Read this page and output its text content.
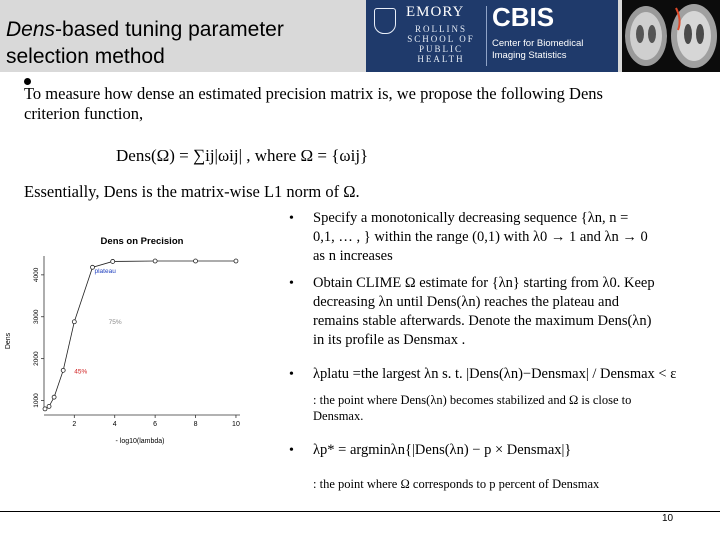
Dens-based tuning parameter
selection method
EMORY
ROLLINS SCHOOL OF PUBLIC HEALTH
CBIS
Center for Biomedical
Imaging Statistics
To measure how dense an estimated precision matrix is, we propose the following Dens
criterion function,
Dens(Ω) = ∑ij|ωij| , where Ω = {ωij}
Essentially, Dens is the matrix-wise L1 norm of Ω.
• Specify a monotonically decreasing sequence {λn, n =
0,1, … , } within the range (0,1) with λ0 → 1 and λn → 0
as n increases
• Obtain CLIME Ω estimate for {λn} starting from λ0. Keep
decreasing λn until Dens(λn) reaches the plateau and
remains stable afterwards. Denote the maximum Dens(λn)
in its profile as Densmax .
• λplatu =the largest λn s. t. |Dens(λn)−Densmax| / Densmax < ε
: the point where Dens(λn) becomes stabilized and Ω is close to
Densmax.
• λp* = argminλn{|Dens(λn) − p × Densmax|}
: the point where Ω corresponds to p percent of Densmax
Dens on Precision
Dens
- log10(lambda)
1000
2000
3000
4000
2	4	6	8	10
plateau
75%
45%
10
